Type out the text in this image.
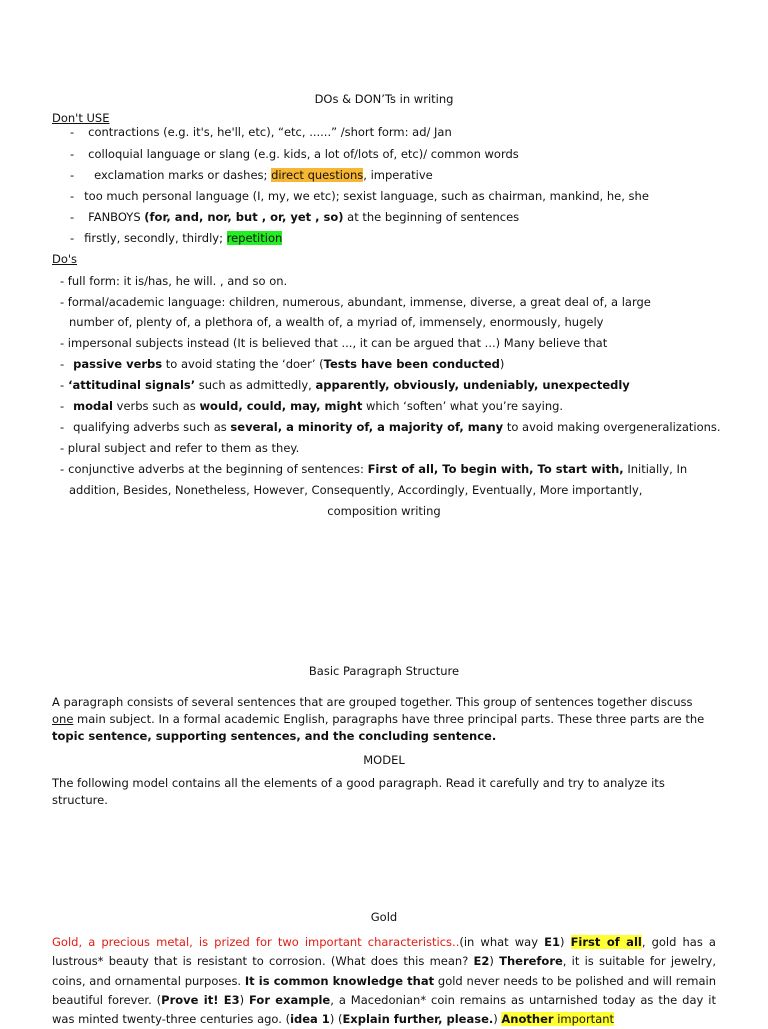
DOs & DON’Ts in writing
Don't USE
- contractions (e.g. it's, he'll, etc), “etc, ......” /short form: ad/ Jan
- colloquial language or slang (e.g. kids, a lot of/lots of, etc)/ common words
- exclamation marks or dashes; direct questions, imperative
- too much personal language (I, my, we etc); sexist language, such as chairman, mankind, he, she
- FANBOYS (for, and, nor, but , or, yet , so) at the beginning of sentences
- firstly, secondly, thirdly; repetition
Do's
- full form: it is/has, he will. , and so on.
- formal/academic language: children, numerous, abundant, immense, diverse, a great deal of, a large
number of, plenty of, a plethora of, a wealth of, a myriad of, immensely, enormously, hugely
- impersonal subjects instead (It is believed that ..., it can be argued that ...) Many believe that
- passive verbs to avoid stating the ‘doer’ (Tests have been conducted)
- ‘attitudinal signals’ such as admittedly, apparently, obviously, undeniably, unexpectedly
- modal verbs such as would, could, may, might which ‘soften’ what you’re saying.
- qualifying adverbs such as several, a minority of, a majority of, many to avoid making overgeneralizations.
- plural subject and refer to them as they.
- conjunctive adverbs at the beginning of sentences: First of all, To begin with, To start with, Initially, In
addition, Besides, Nonetheless, However, Consequently, Accordingly, Eventually, More importantly,
composition writing
Basic Paragraph Structure
A paragraph consists of several sentences that are grouped together. This group of sentences together discuss one main subject. In a formal academic English, paragraphs have three principal parts. These three parts are the topic sentence, supporting sentences, and the concluding sentence.
MODEL
The following model contains all the elements of a good paragraph. Read it carefully and try to analyze its structure.
Gold
Gold, a precious metal, is prized for two important characteristics..(in what way E1) First of all, gold has a lustrous* beauty that is resistant to corrosion. (What does this mean? E2) Therefore, it is suitable for jewelry, coins, and ornamental purposes. It is common knowledge that gold never needs to be polished and will remain beautiful forever. (Prove it! E3) For example, a Macedonian* coin remains as untarnished today as the day it was minted twenty-three centuries ago. (idea 1) (Explain further, please.) Another important
